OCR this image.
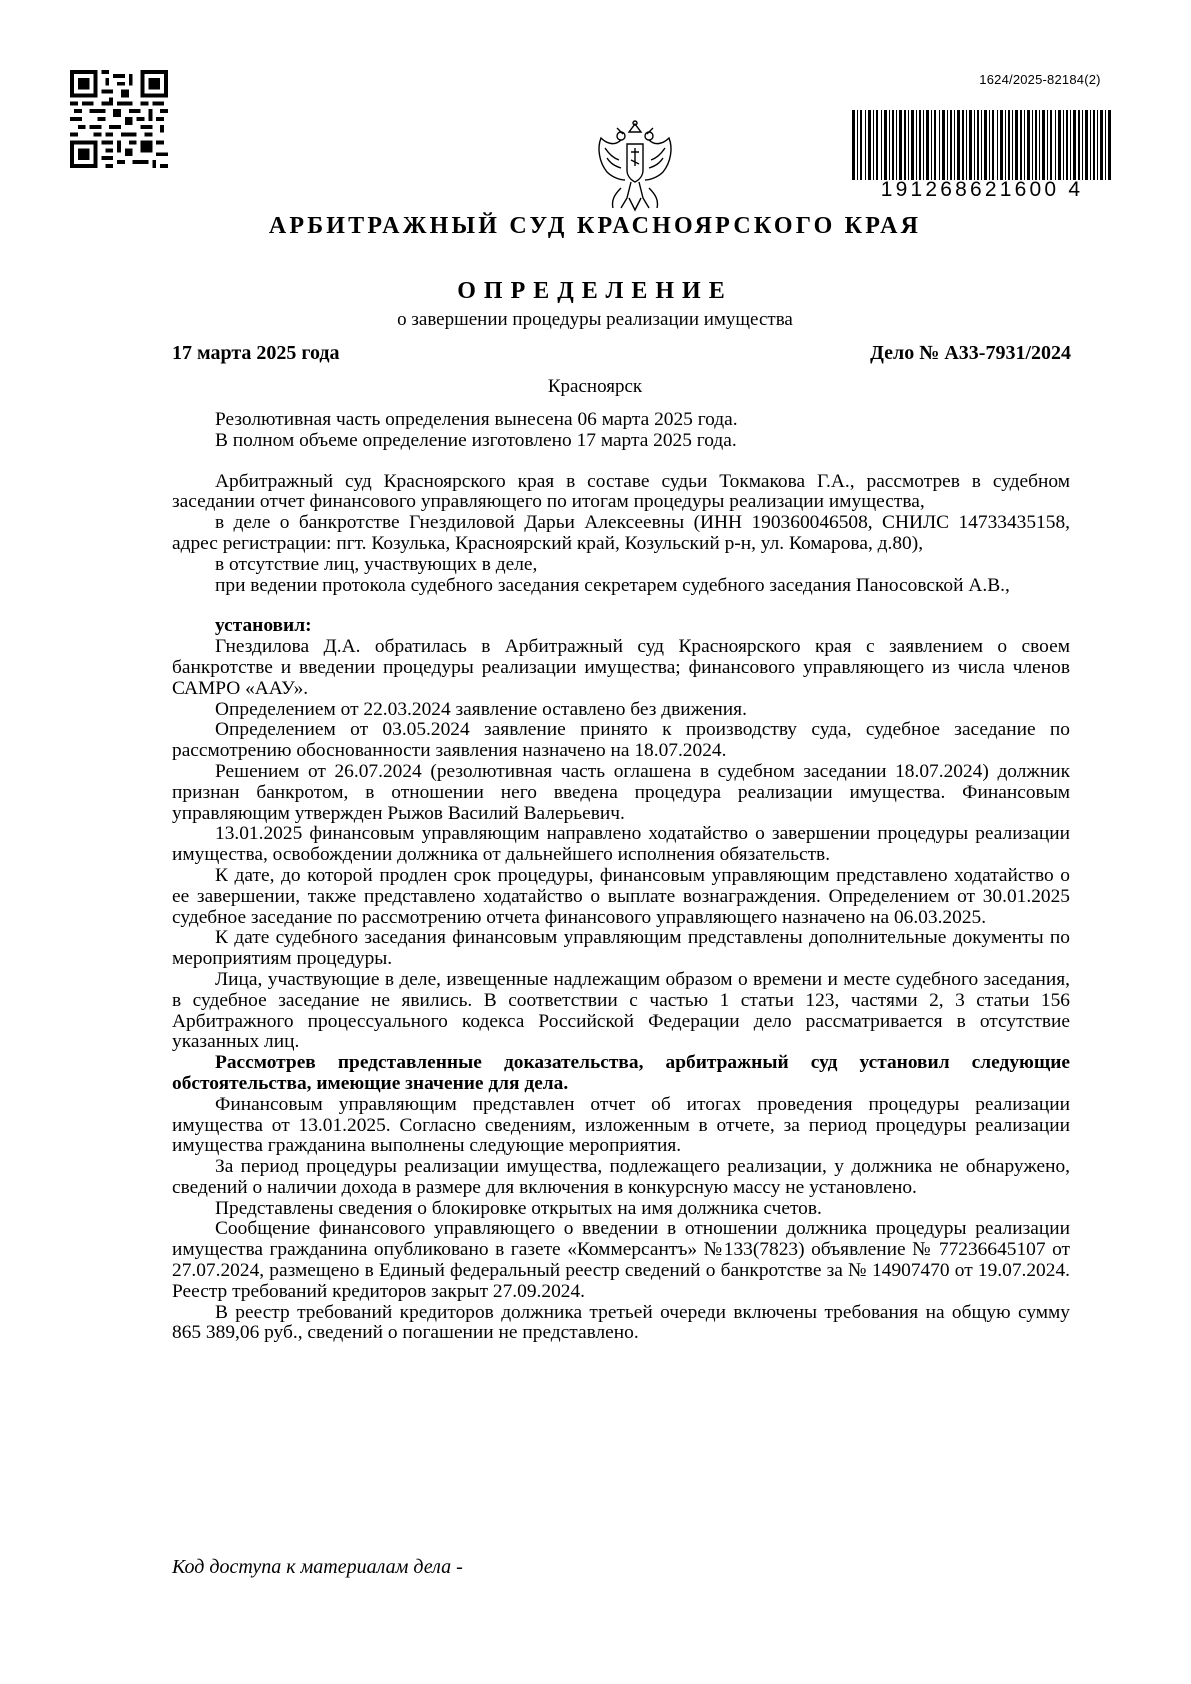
1624/2025-82184(2)
191268621600 4
АРБИТРАЖНЫЙ СУД КРАСНОЯРСКОГО КРАЯ
ОПРЕДЕЛЕНИЕ
о завершении процедуры реализации имущества
17 марта 2025 года	Дело № А33-7931/2024
Красноярск

Резолютивная часть определения вынесена 06 марта 2025 года.

В полном объеме определение изготовлено 17 марта 2025 года.

Арбитражный суд Красноярского края в составе судьи Токмакова Г.А., рассмотрев в судебном заседании отчет финансового управляющего по итогам процедуры реализации имущества,

в деле о банкротстве Гнездиловой Дарьи Алексеевны (ИНН 190360046508, СНИЛС 14733435158, адрес регистрации: пгт. Козулька, Красноярский край, Козульский р-н, ул. Комарова, д.80),

в отсутствие лиц, участвующих в деле,

при ведении протокола судебного заседания секретарем судебного заседания Паносовской А.В.,

установил:

Гнездилова Д.А. обратилась в Арбитражный суд Красноярского края с заявлением о своем банкротстве и введении процедуры реализации имущества; финансового управляющего из числа членов САМРО «ААУ».

Определением от 22.03.2024 заявление оставлено без движения.

Определением от 03.05.2024 заявление принято к производству суда, судебное заседание по рассмотрению обоснованности заявления назначено на 18.07.2024.

Решением от 26.07.2024 (резолютивная часть оглашена в судебном заседании 18.07.2024) должник признан банкротом, в отношении него введена процедура реализации имущества. Финансовым управляющим утвержден Рыжов Василий Валерьевич.

13.01.2025 финансовым управляющим направлено ходатайство о завершении процедуры реализации имущества, освобождении должника от дальнейшего исполнения обязательств.

К дате, до которой продлен срок процедуры, финансовым управляющим представлено ходатайство о ее завершении, также представлено ходатайство о выплате вознаграждения. Определением от 30.01.2025 судебное заседание по рассмотрению отчета финансового управляющего назначено на 06.03.2025.

К дате судебного заседания финансовым управляющим представлены дополнительные документы по мероприятиям процедуры.

Лица, участвующие в деле, извещенные надлежащим образом о времени и месте судебного заседания, в судебное заседание не явились. В соответствии с частью 1 статьи 123, частями 2, 3 статьи 156 Арбитражного процессуального кодекса Российской Федерации дело рассматривается в отсутствие указанных лиц.

Рассмотрев представленные доказательства, арбитражный суд установил следующие обстоятельства, имеющие значение для дела.

Финансовым управляющим представлен отчет об итогах проведения процедуры реализации имущества от 13.01.2025. Согласно сведениям, изложенным в отчете, за период процедуры реализации имущества гражданина выполнены следующие мероприятия.

За период процедуры реализации имущества, подлежащего реализации, у должника не обнаружено, сведений о наличии дохода в размере для включения в конкурсную массу не установлено.

Представлены сведения о блокировке открытых на имя должника счетов.

Сообщение финансового управляющего о введении в отношении должника процедуры реализации имущества гражданина опубликовано в газете «Коммерсантъ» №133(7823) объявление № 77236645107 от 27.07.2024, размещено в Единый федеральный реестр сведений о банкротстве за № 14907470 от 19.07.2024. Реестр требований кредиторов закрыт 27.09.2024.

В реестр требований кредиторов должника третьей очереди включены требования на общую сумму 865 389,06 руб., сведений о погашении не представлено.

Код доступа к материалам дела -
